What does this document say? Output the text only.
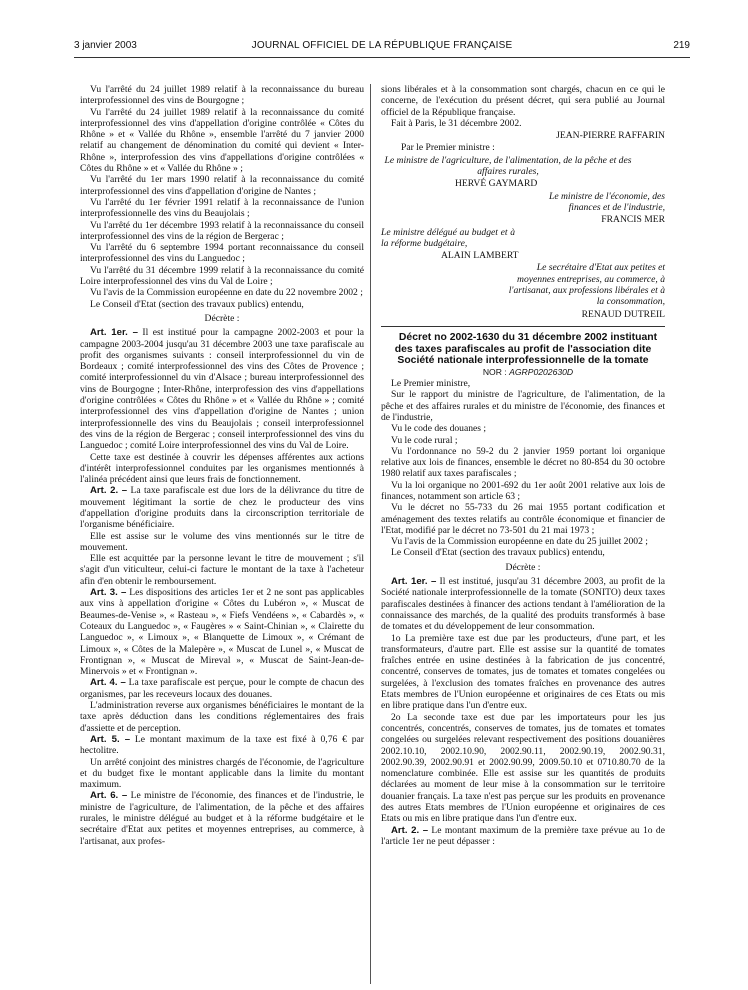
3 janvier 2003	JOURNAL OFFICIEL DE LA RÉPUBLIQUE FRANÇAISE	219

Vu l'arrêté du 24 juillet 1989 relatif à la reconnaissance du bureau interprofessionnel des vins de Bourgogne ;

Vu l'arrêté du 24 juillet 1989 relatif à la reconnaissance du comité interprofessionnel des vins d'appellation d'origine contrôlée « Côtes du Rhône » et « Vallée du Rhône », ensemble l'arrêté du 7 janvier 2000 relatif au changement de dénomination du comité qui devient « Inter-Rhône », interprofession des vins d'appellations d'origine contrôlées « Côtes du Rhône » et « Vallée du Rhône » ;

Vu l'arrêté du 1er mars 1990 relatif à la reconnaissance du comité interprofessionnel des vins d'appellation d'origine de Nantes ;

Vu l'arrêté du 1er février 1991 relatif à la reconnaissance de l'union interprofessionnelle des vins du Beaujolais ;

Vu l'arrêté du 1er décembre 1993 relatif à la reconnaissance du conseil interprofessionnel des vins de la région de Bergerac ;

Vu l'arrêté du 6 septembre 1994 portant reconnaissance du conseil interprofessionnel des vins du Languedoc ;

Vu l'arrêté du 31 décembre 1999 relatif à la reconnaissance du comité Loire interprofessionnel des vins du Val de Loire ;

Vu l'avis de la Commission européenne en date du 22 novembre 2002 ;

Le Conseil d'Etat (section des travaux publics) entendu,

Décrète :

Art. 1er. – Il est institué pour la campagne 2002-2003 et pour la campagne 2003-2004 jusqu'au 31 décembre 2003 une taxe parafiscale au profit des organismes suivants : conseil interprofessionnel du vin de Bordeaux ; comité interprofessionnel des vins des Côtes de Provence ; comité interprofessionnel du vin d'Alsace ; bureau interprofessionnel des vins de Bourgogne ; Inter-Rhône, interprofession des vins d'appellations d'origine contrôlées « Côtes du Rhône » et « Vallée du Rhône » ; comité interprofessionnel des vins d'appellation d'origine de Nantes ; union interprofessionnelle des vins du Beaujolais ; conseil interprofessionnel des vins de la région de Bergerac ; conseil interprofessionnel des vins du Languedoc ; comité Loire interprofessionnel des vins du Val de Loire.

Cette taxe est destinée à couvrir les dépenses afférentes aux actions d'intérêt interprofessionnel conduites par les organismes mentionnés à l'alinéa précédent ainsi que leurs frais de fonctionnement.

Art. 2. – La taxe parafiscale est due lors de la délivrance du titre de mouvement légitimant la sortie de chez le producteur des vins d'appellation d'origine produits dans la circonscription territoriale de l'organisme bénéficiaire.

Elle est assise sur le volume des vins mentionnés sur le titre de mouvement.

Elle est acquittée par la personne levant le titre de mouvement ; s'il s'agit d'un viticulteur, celui-ci facture le montant de la taxe à l'acheteur afin d'en obtenir le remboursement.

Art. 3. – Les dispositions des articles 1er et 2 ne sont pas applicables aux vins à appellation d'origine « Côtes du Lubéron », « Muscat de Beaumes-de-Venise », « Rasteau », « Fiefs Vendéens », « Cabardès », « Coteaux du Languedoc », « Faugères » « Saint-Chinian », « Clairette du Languedoc », « Limoux », « Blanquette de Limoux », « Crémant de Limoux », « Côtes de la Malepère », « Muscat de Lunel », « Muscat de Frontignan », « Muscat de Mireval », « Muscat de Saint-Jean-de-Minervois » et « Frontignan ».

Art. 4. – La taxe parafiscale est perçue, pour le compte de chacun des organismes, par les receveurs locaux des douanes.

L'administration reverse aux organismes bénéficiaires le montant de la taxe après déduction dans les conditions réglementaires des frais d'assiette et de perception.

Art. 5. – Le montant maximum de la taxe est fixé à 0,76 € par hectolitre.

Un arrêté conjoint des ministres chargés de l'économie, de l'agriculture et du budget fixe le montant applicable dans la limite du montant maximum.

Art. 6. – Le ministre de l'économie, des finances et de l'industrie, le ministre de l'agriculture, de l'alimentation, de la pêche et des affaires rurales, le ministre délégué au budget et à la réforme budgétaire et le secrétaire d'Etat aux petites et moyennes entreprises, au commerce, à l'artisanat, aux profes-

sions libérales et à la consommation sont chargés, chacun en ce qui le concerne, de l'exécution du présent décret, qui sera publié au Journal officiel de la République française.

Fait à Paris, le 31 décembre 2002.

JEAN-PIERRE RAFFARIN

Par le Premier ministre :

Le ministre de l'agriculture, de l'alimentation, de la pêche et des affaires rurales,

HERVÉ GAYMARD

Le ministre de l'économie, des finances et de l'industrie,

FRANCIS MER

Le ministre délégué au budget et à la réforme budgétaire,

ALAIN LAMBERT

Le secrétaire d'Etat aux petites et moyennes entreprises, au commerce, à l'artisanat, aux professions libérales et à la consommation,

RENAUD DUTREIL

Décret no 2002-1630 du 31 décembre 2002 instituant des taxes parafiscales au profit de l'association dite Société nationale interprofessionnelle de la tomate

NOR : AGRP0202630D

Le Premier ministre,

Sur le rapport du ministre de l'agriculture, de l'alimentation, de la pêche et des affaires rurales et du ministre de l'économie, des finances et de l'industrie,

Vu le code des douanes ;

Vu le code rural ;

Vu l'ordonnance no 59-2 du 2 janvier 1959 portant loi organique relative aux lois de finances, ensemble le décret no 80-854 du 30 octobre 1980 relatif aux taxes parafiscales ;

Vu la loi organique no 2001-692 du 1er août 2001 relative aux lois de finances, notamment son article 63 ;

Vu le décret no 55-733 du 26 mai 1955 portant codification et aménagement des textes relatifs au contrôle économique et financier de l'Etat, modifié par le décret no 73-501 du 21 mai 1973 ;

Vu l'avis de la Commission européenne en date du 25 juillet 2002 ;

Le Conseil d'Etat (section des travaux publics) entendu,

Décrète :

Art. 1er. – Il est institué, jusqu'au 31 décembre 2003, au profit de la Société nationale interprofessionnelle de la tomate (SONITO) deux taxes parafiscales destinées à financer des actions tendant à l'amélioration de la connaissance des marchés, de la qualité des produits transformés à base de tomates et du développement de leur consommation.

1o La première taxe est due par les producteurs, d'une part, et les transformateurs, d'autre part. Elle est assise sur la quantité de tomates fraîches entrée en usine destinées à la fabrication de jus concentré, concentré, conserves de tomates, jus de tomates et tomates congelées ou surgelées, à l'exclusion des tomates fraîches en provenance des autres Etats membres de l'Union européenne et originaires de ces Etats ou mis en libre pratique dans l'un d'entre eux.

2o La seconde taxe est due par les importateurs pour les jus concentrés, concentrés, conserves de tomates, jus de tomates et tomates congelées ou surgelées relevant respectivement des positions douanières 2002.10.10, 2002.10.90, 2002.90.11, 2002.90.19, 2002.90.31, 2002.90.39, 2002.90.91 et 2002.90.99, 2009.50.10 et 0710.80.70 de la nomenclature combinée. Elle est assise sur les quantités de produits déclarées au moment de leur mise à la consommation sur le territoire douanier français. La taxe n'est pas perçue sur les produits en provenance des autres Etats membres de l'Union européenne et originaires de ces Etats ou mis en libre pratique dans l'un d'entre eux.

Art. 2. – Le montant maximum de la première taxe prévue au 1o de l'article 1er ne peut dépasser :
